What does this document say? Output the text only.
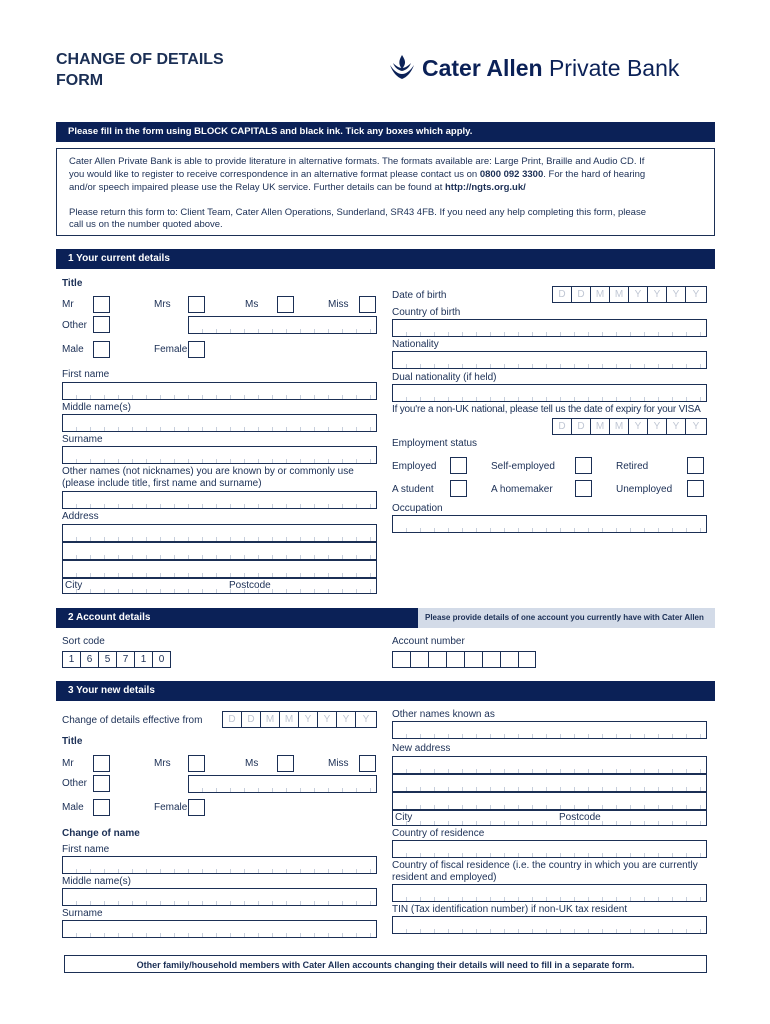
CHANGE OF DETAILS
FORM	Cater Allen Private Bank
Please fill in the form using BLOCK CAPITALS and black ink. Tick any boxes which apply.
Cater Allen Private Bank is able to provide literature in alternative formats. The formats available are: Large Print, Braille and Audio CD. If
you would like to register to receive correspondence in an alternative format please contact us on 0800 092 3300. For the hard of hearing
and/or speech impaired please use the Relay UK service. Further details can be found at http://ngts.org.uk/
Please return this form to: Client Team, Cater Allen Operations, Sunderland, SR43 4FB. If you need any help completing this form, please
call us on the number quoted above.
1 Your current details
Title
Mr	Mrs	Ms	Miss
Other
Male	Female
First name
Middle name(s)
Surname
Other names (not nicknames) you are known by or commonly use
(please include title, first name and surname)
Address
City	Postcode
Date of birth	D	D	M	M	Y	Y	Y	Y
Country of birth
Nationality
Dual nationality (if held)
If you're a non-UK national, please tell us the date of expiry for your VISA
D	D	M	M	Y	Y	Y	Y
Employment status
Employed	Self-employed	Retired
A student	A homemaker	Unemployed
Occupation
2 Account details	Please provide details of one account you currently have with Cater Allen
Sort code
1	6	5	7	1	0
Account number
3 Your new details
Change of details effective from	D	D	M	M	Y	Y	Y	Y
Title
Mr	Mrs	Ms	Miss
Other
Male	Female
Change of name
First name
Middle name(s)
Surname
Other names known as
New address
City	Postcode
Country of residence
Country of fiscal residence (i.e. the country in which you are currently
resident and employed)
TIN (Tax identification number) if non-UK tax resident
Other family/household members with Cater Allen accounts changing their details will need to fill in a separate form.
